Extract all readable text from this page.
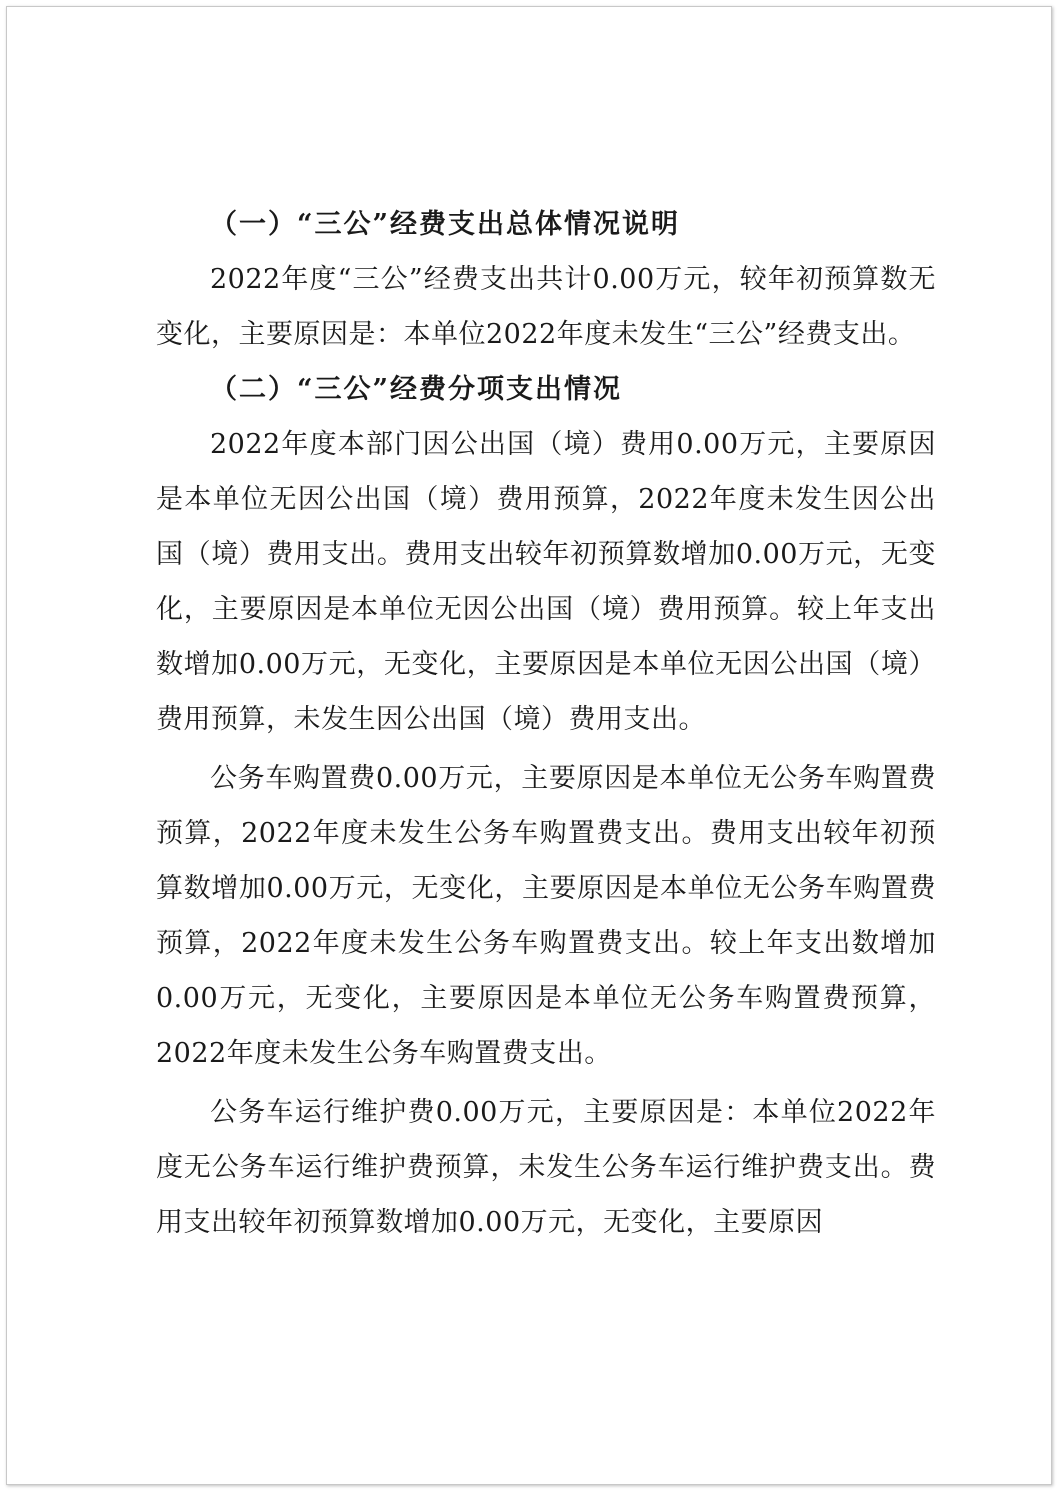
（一）“三公”经费支出总体情况说明

2022年度“三公”经费支出共计0.00万元，较年初预算数无变化，主要原因是：本单位2022年度未发生“三公”经费支出。

（二）“三公”经费分项支出情况

2022年度本部门因公出国（境）费用0.00万元，主要原因是本单位无因公出国（境）费用预算，2022年度未发生因公出国（境）费用支出。费用支出较年初预算数增加0.00万元，无变化，主要原因是本单位无因公出国（境）费用预算。较上年支出数增加0.00万元，无变化，主要原因是本单位无因公出国（境）费用预算，未发生因公出国（境）费用支出。

公务车购置费0.00万元，主要原因是本单位无公务车购置费预算，2022年度未发生公务车购置费支出。费用支出较年初预算数增加0.00万元，无变化，主要原因是本单位无公务车购置费预算，2022年度未发生公务车购置费支出。较上年支出数增加0.00万元，无变化，主要原因是本单位无公务车购置费预算，2022年度未发生公务车购置费支出。

公务车运行维护费0.00万元，主要原因是：本单位2022年度无公务车运行维护费预算，未发生公务车运行维护费支出。费用支出较年初预算数增加0.00万元，无变化，主要原因
